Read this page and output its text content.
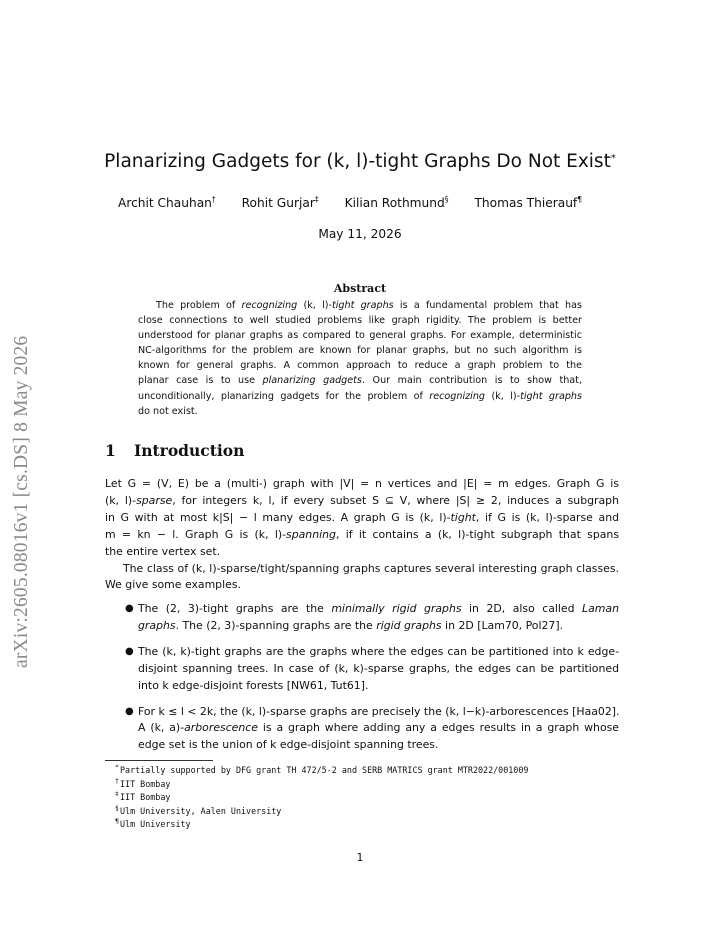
arXiv:2605.08016v1 [cs.DS] 8 May 2026
Planarizing Gadgets for (k, l)-tight Graphs Do Not Exist*
Archit Chauhan† Rohit Gurjar‡ Kilian Rothmund§ Thomas Thierauf¶
May 11, 2026
Abstract
The problem of recognizing (k, l)-tight graphs is a fundamental problem that has
close connections to well studied problems like graph rigidity. The problem is better
understood for planar graphs as compared to general graphs. For example, deterministic
NC-algorithms for the problem are known for planar graphs, but no such algorithm is
known for general graphs. A common approach to reduce a graph problem to the
planar case is to use planarizing gadgets. Our main contribution is to show that,
unconditionally, planarizing gadgets for the problem of recognizing (k, l)-tight graphs
do not exist.
1 Introduction
Let G = (V, E) be a (multi-) graph with |V| = n vertices and |E| = m edges. Graph G is
(k, l)-sparse, for integers k, l, if every subset S ⊆ V, where |S| ≥ 2, induces a subgraph
in G with at most k|S| − l many edges. A graph G is (k, l)-tight, if G is (k, l)-sparse and
m = kn − l. Graph G is (k, l)-spanning, if it contains a (k, l)-tight subgraph that spans
the entire vertex set.
The class of (k, l)-sparse/tight/spanning graphs captures several interesting graph classes.
We give some examples.
● The (2, 3)-tight graphs are the minimally rigid graphs in 2D, also called Laman
graphs. The (2, 3)-spanning graphs are the rigid graphs in 2D [Lam70, Pol27].
● The (k, k)-tight graphs are the graphs where the edges can be partitioned into k edge-
disjoint spanning trees. In case of (k, k)-sparse graphs, the edges can be partitioned
into k edge-disjoint forests [NW61, Tut61].
● For k ≤ l < 2k, the (k, l)-sparse graphs are precisely the (k, l−k)-arborescences [Haa02].
A (k, a)-arborescence is a graph where adding any a edges results in a graph whose
edge set is the union of k edge-disjoint spanning trees.
* Partially supported by DFG grant TH 472/5-2 and SERB MATRICS grant MTR2022/001009
† IIT Bombay
‡ IIT Bombay
§ Ulm University, Aalen University
¶ Ulm University
1
